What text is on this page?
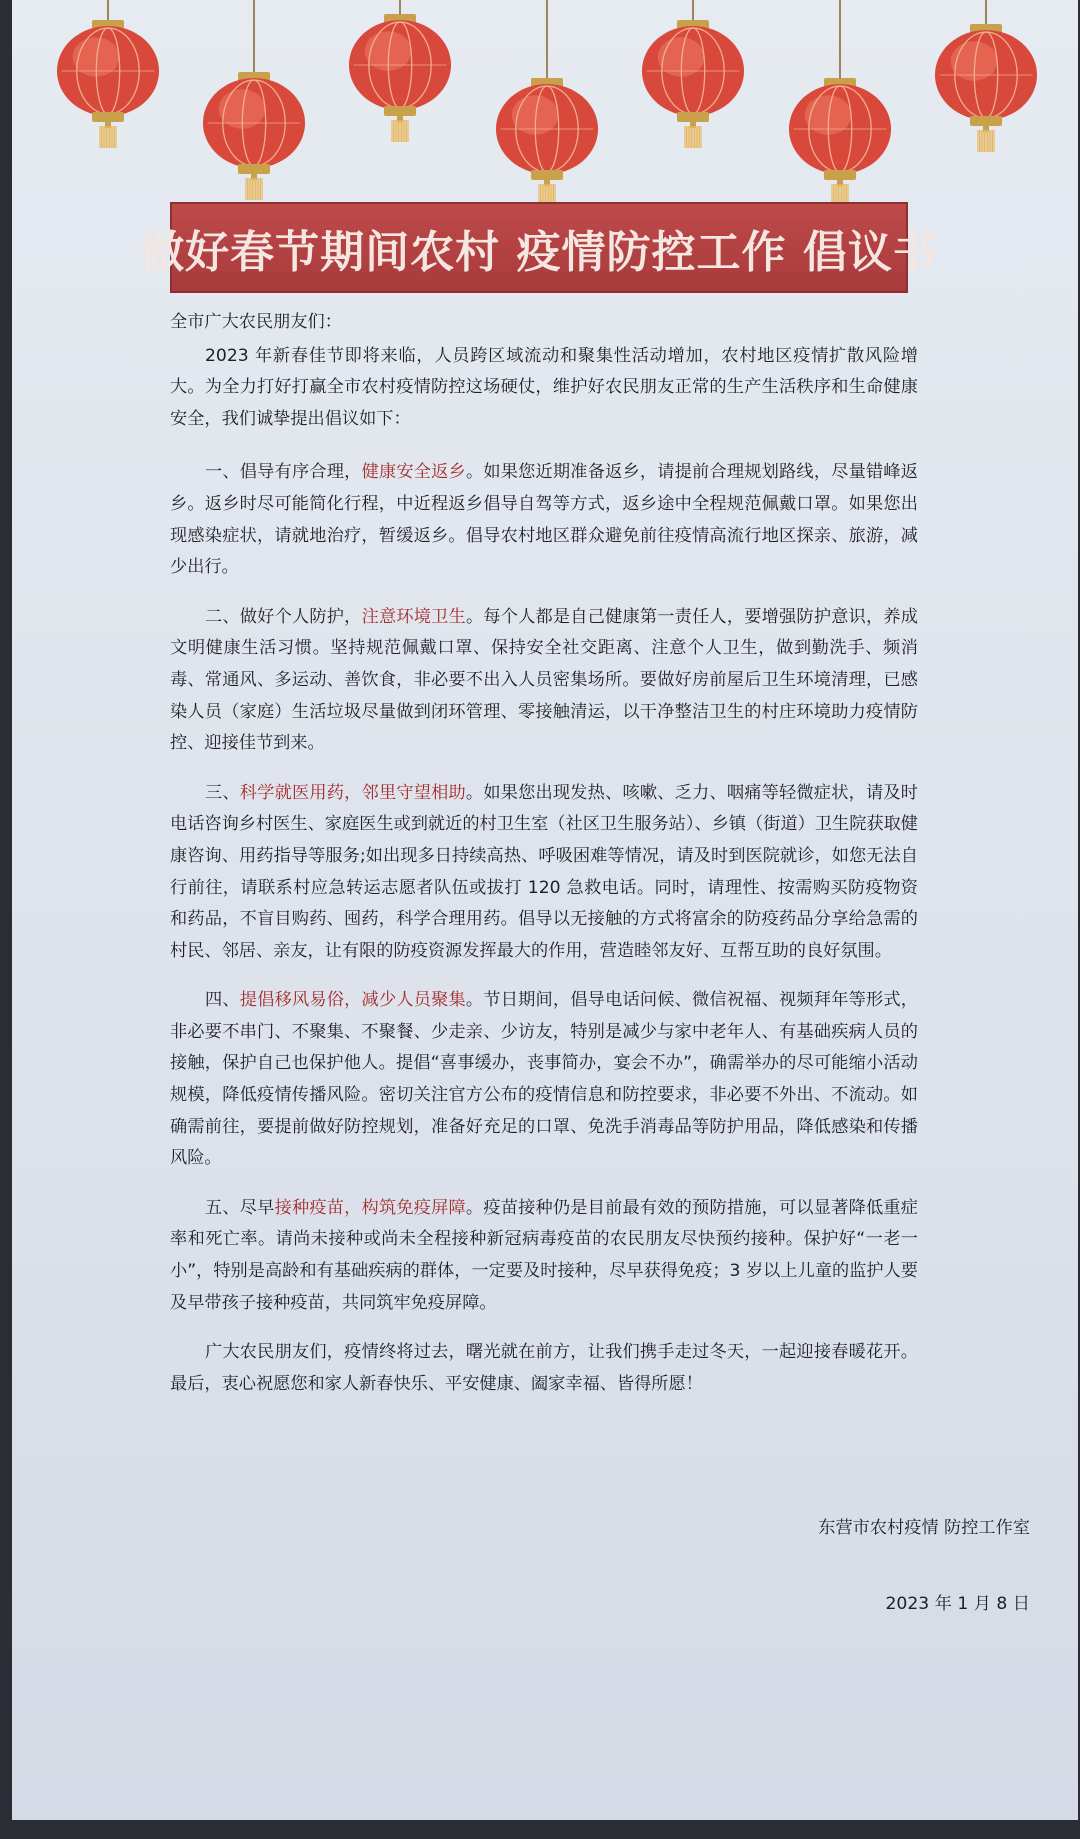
做好春节期间农村 疫情防控工作 倡议书

全市广大农民朋友们：

2023 年新春佳节即将来临，人员跨区域流动和聚集性活动增加，农村地区疫情扩散风险增大。为全力打好打赢全市农村疫情防控这场硬仗，维护好农民朋友正常的生产生活秩序和生命健康安全，我们诚挚提出倡议如下：

一、倡导有序合理，健康安全返乡。如果您近期准备返乡，请提前合理规划路线，尽量错峰返乡。返乡时尽可能简化行程，中近程返乡倡导自驾等方式，返乡途中全程规范佩戴口罩。如果您出现感染症状，请就地治疗，暂缓返乡。倡导农村地区群众避免前往疫情高流行地区探亲、旅游，减少出行。

二、做好个人防护，注意环境卫生。每个人都是自己健康第一责任人，要增强防护意识，养成文明健康生活习惯。坚持规范佩戴口罩、保持安全社交距离、注意个人卫生，做到勤洗手、频消毒、常通风、多运动、善饮食，非必要不出入人员密集场所。要做好房前屋后卫生环境清理，已感染人员（家庭）生活垃圾尽量做到闭环管理、零接触清运，以干净整洁卫生的村庄环境助力疫情防控、迎接佳节到来。

三、科学就医用药，邻里守望相助。如果您出现发热、咳嗽、乏力、咽痛等轻微症状，请及时电话咨询乡村医生、家庭医生或到就近的村卫生室（社区卫生服务站）、乡镇（街道）卫生院获取健康咨询、用药指导等服务;如出现多日持续高热、呼吸困难等情况，请及时到医院就诊，如您无法自行前往，请联系村应急转运志愿者队伍或拔打 120 急救电话。同时，请理性、按需购买防疫物资和药品，不盲目购药、囤药，科学合理用药。倡导以无接触的方式将富余的防疫药品分享给急需的村民、邻居、亲友，让有限的防疫资源发挥最大的作用，营造睦邻友好、互帮互助的良好氛围。

四、提倡移风易俗，减少人员聚集。节日期间，倡导电话问候、微信祝福、视频拜年等形式，非必要不串门、不聚集、不聚餐、少走亲、少访友，特别是减少与家中老年人、有基础疾病人员的接触，保护自己也保护他人。提倡“喜事缓办，丧事简办，宴会不办”，确需举办的尽可能缩小活动规模，降低疫情传播风险。密切关注官方公布的疫情信息和防控要求，非必要不外出、不流动。如确需前往，要提前做好防控规划，准备好充足的口罩、免洗手消毒品等防护用品，降低感染和传播风险。

五、尽早接种疫苗，构筑免疫屏障。疫苗接种仍是目前最有效的预防措施，可以显著降低重症率和死亡率。请尚未接种或尚未全程接种新冠病毒疫苗的农民朋友尽快预约接种。保护好“一老一小”，特别是高龄和有基础疾病的群体，一定要及时接种，尽早获得免疫；3 岁以上儿童的监护人要及早带孩子接种疫苗，共同筑牢免疫屏障。

广大农民朋友们，疫情终将过去，曙光就在前方，让我们携手走过冬天，一起迎接春暖花开。最后，衷心祝愿您和家人新春快乐、平安健康、阖家幸福、皆得所愿！

东营市农村疫情 防控工作室
2023 年 1 月 8 日
